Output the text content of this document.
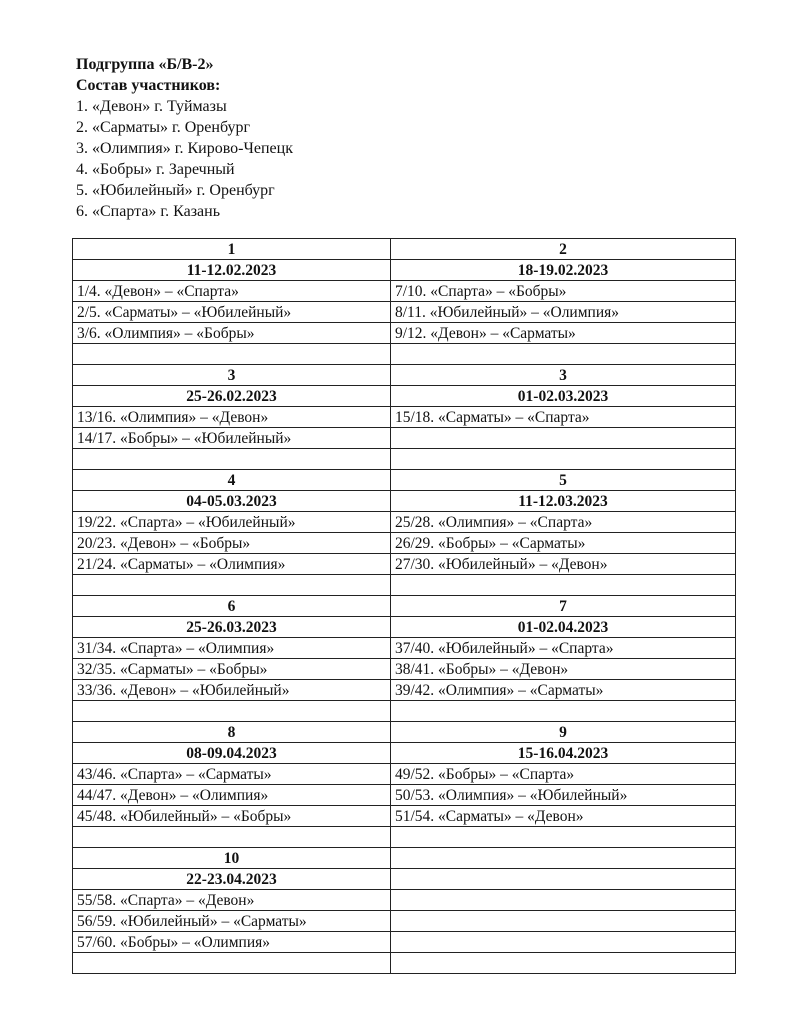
Подгруппа «Б/В-2»
Состав участников:
1. «Девон» г. Туймазы
2. «Сарматы» г. Оренбург
3. «Олимпия» г. Кирово-Чепецк
4. «Бобры» г. Заречный
5. «Юбилейный» г. Оренбург
6. «Спарта» г. Казань
1	2
11-12.02.2023	18-19.02.2023
1/4. «Девон» – «Спарта»	7/10. «Спарта» – «Бобры»
2/5. «Сарматы» – «Юбилейный»	8/11. «Юбилейный» – «Олимпия»
3/6. «Олимпия» – «Бобры»	9/12. «Девон» – «Сарматы»

3	3
25-26.02.2023	01-02.03.2023
13/16. «Олимпия» – «Девон»	15/18. «Сарматы» – «Спарта»
14/17. «Бобры» – «Юбилейный»	

4	5
04-05.03.2023	11-12.03.2023
19/22. «Спарта» – «Юбилейный»	25/28. «Олимпия» – «Спарта»
20/23. «Девон» – «Бобры»	26/29. «Бобры» – «Сарматы»
21/24. «Сарматы» – «Олимпия»	27/30. «Юбилейный» – «Девон»

6	7
25-26.03.2023	01-02.04.2023
31/34. «Спарта» – «Олимпия»	37/40. «Юбилейный» – «Спарта»
32/35. «Сарматы» – «Бобры»	38/41. «Бобры» – «Девон»
33/36. «Девон» – «Юбилейный»	39/42. «Олимпия» – «Сарматы»

8	9
08-09.04.2023	15-16.04.2023
43/46. «Спарта» – «Сарматы»	49/52. «Бобры» – «Спарта»
44/47. «Девон» – «Олимпия»	50/53. «Олимпия» – «Юбилейный»
45/48. «Юбилейный» – «Бобры»	51/54. «Сарматы» – «Девон»

10	
22-23.04.2023	
55/58. «Спарта» – «Девон»	
56/59. «Юбилейный» – «Сарматы»	
57/60. «Бобры» – «Олимпия»	
